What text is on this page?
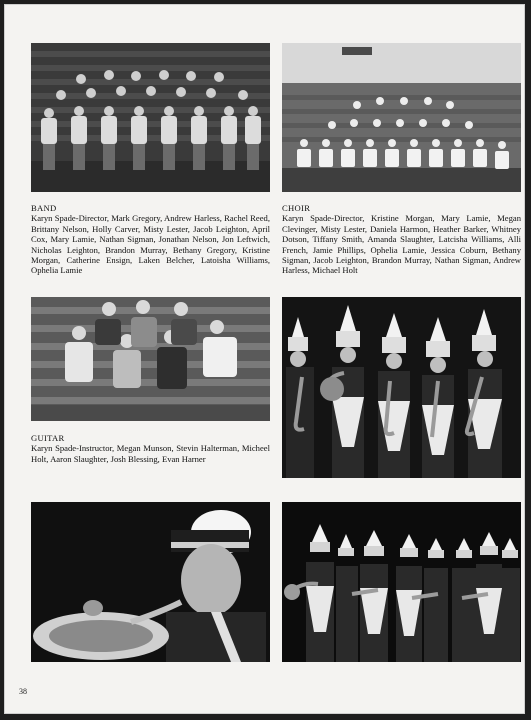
BAND
Karyn Spade-Director, Mark Gregory, Andrew Harless, Rachel Reed, Brittany Nelson, Holly Carver, Misty Lester, Jacob Leighton, April Cox, Mary Lamie, Nathan Sigman, Jonathan Nelson, Jon Leftwich, Nicholas Leighton, Brandon Murray, Bethany Gregory, Kristine Morgan, Catherine Ensign, Laken Belcher, Latoisha Williams, Ophelia Lamie
CHOIR
Karyn Spade-Director, Kristine Morgan, Mary Lamie, Megan Clevinger, Misty Lester, Daniela Harmon, Heather Barker, Whitney Dotson, Tiffany Smith, Amanda Slaughter, Latcisha Williams, Alli French, Jamie Phillips, Ophelia Lamie, Jessica Coburn, Bethany Sigman, Jacob Leighton, Brandon Murray, Nathan Sigman, Andrew Harless, Michael Holt
GUITAR
Karyn Spade-Instructor, Megan Munson, Stevin Halterman, Micheel Holt, Aaron Slaughter, Josh Blessing, Evan Harner
38
